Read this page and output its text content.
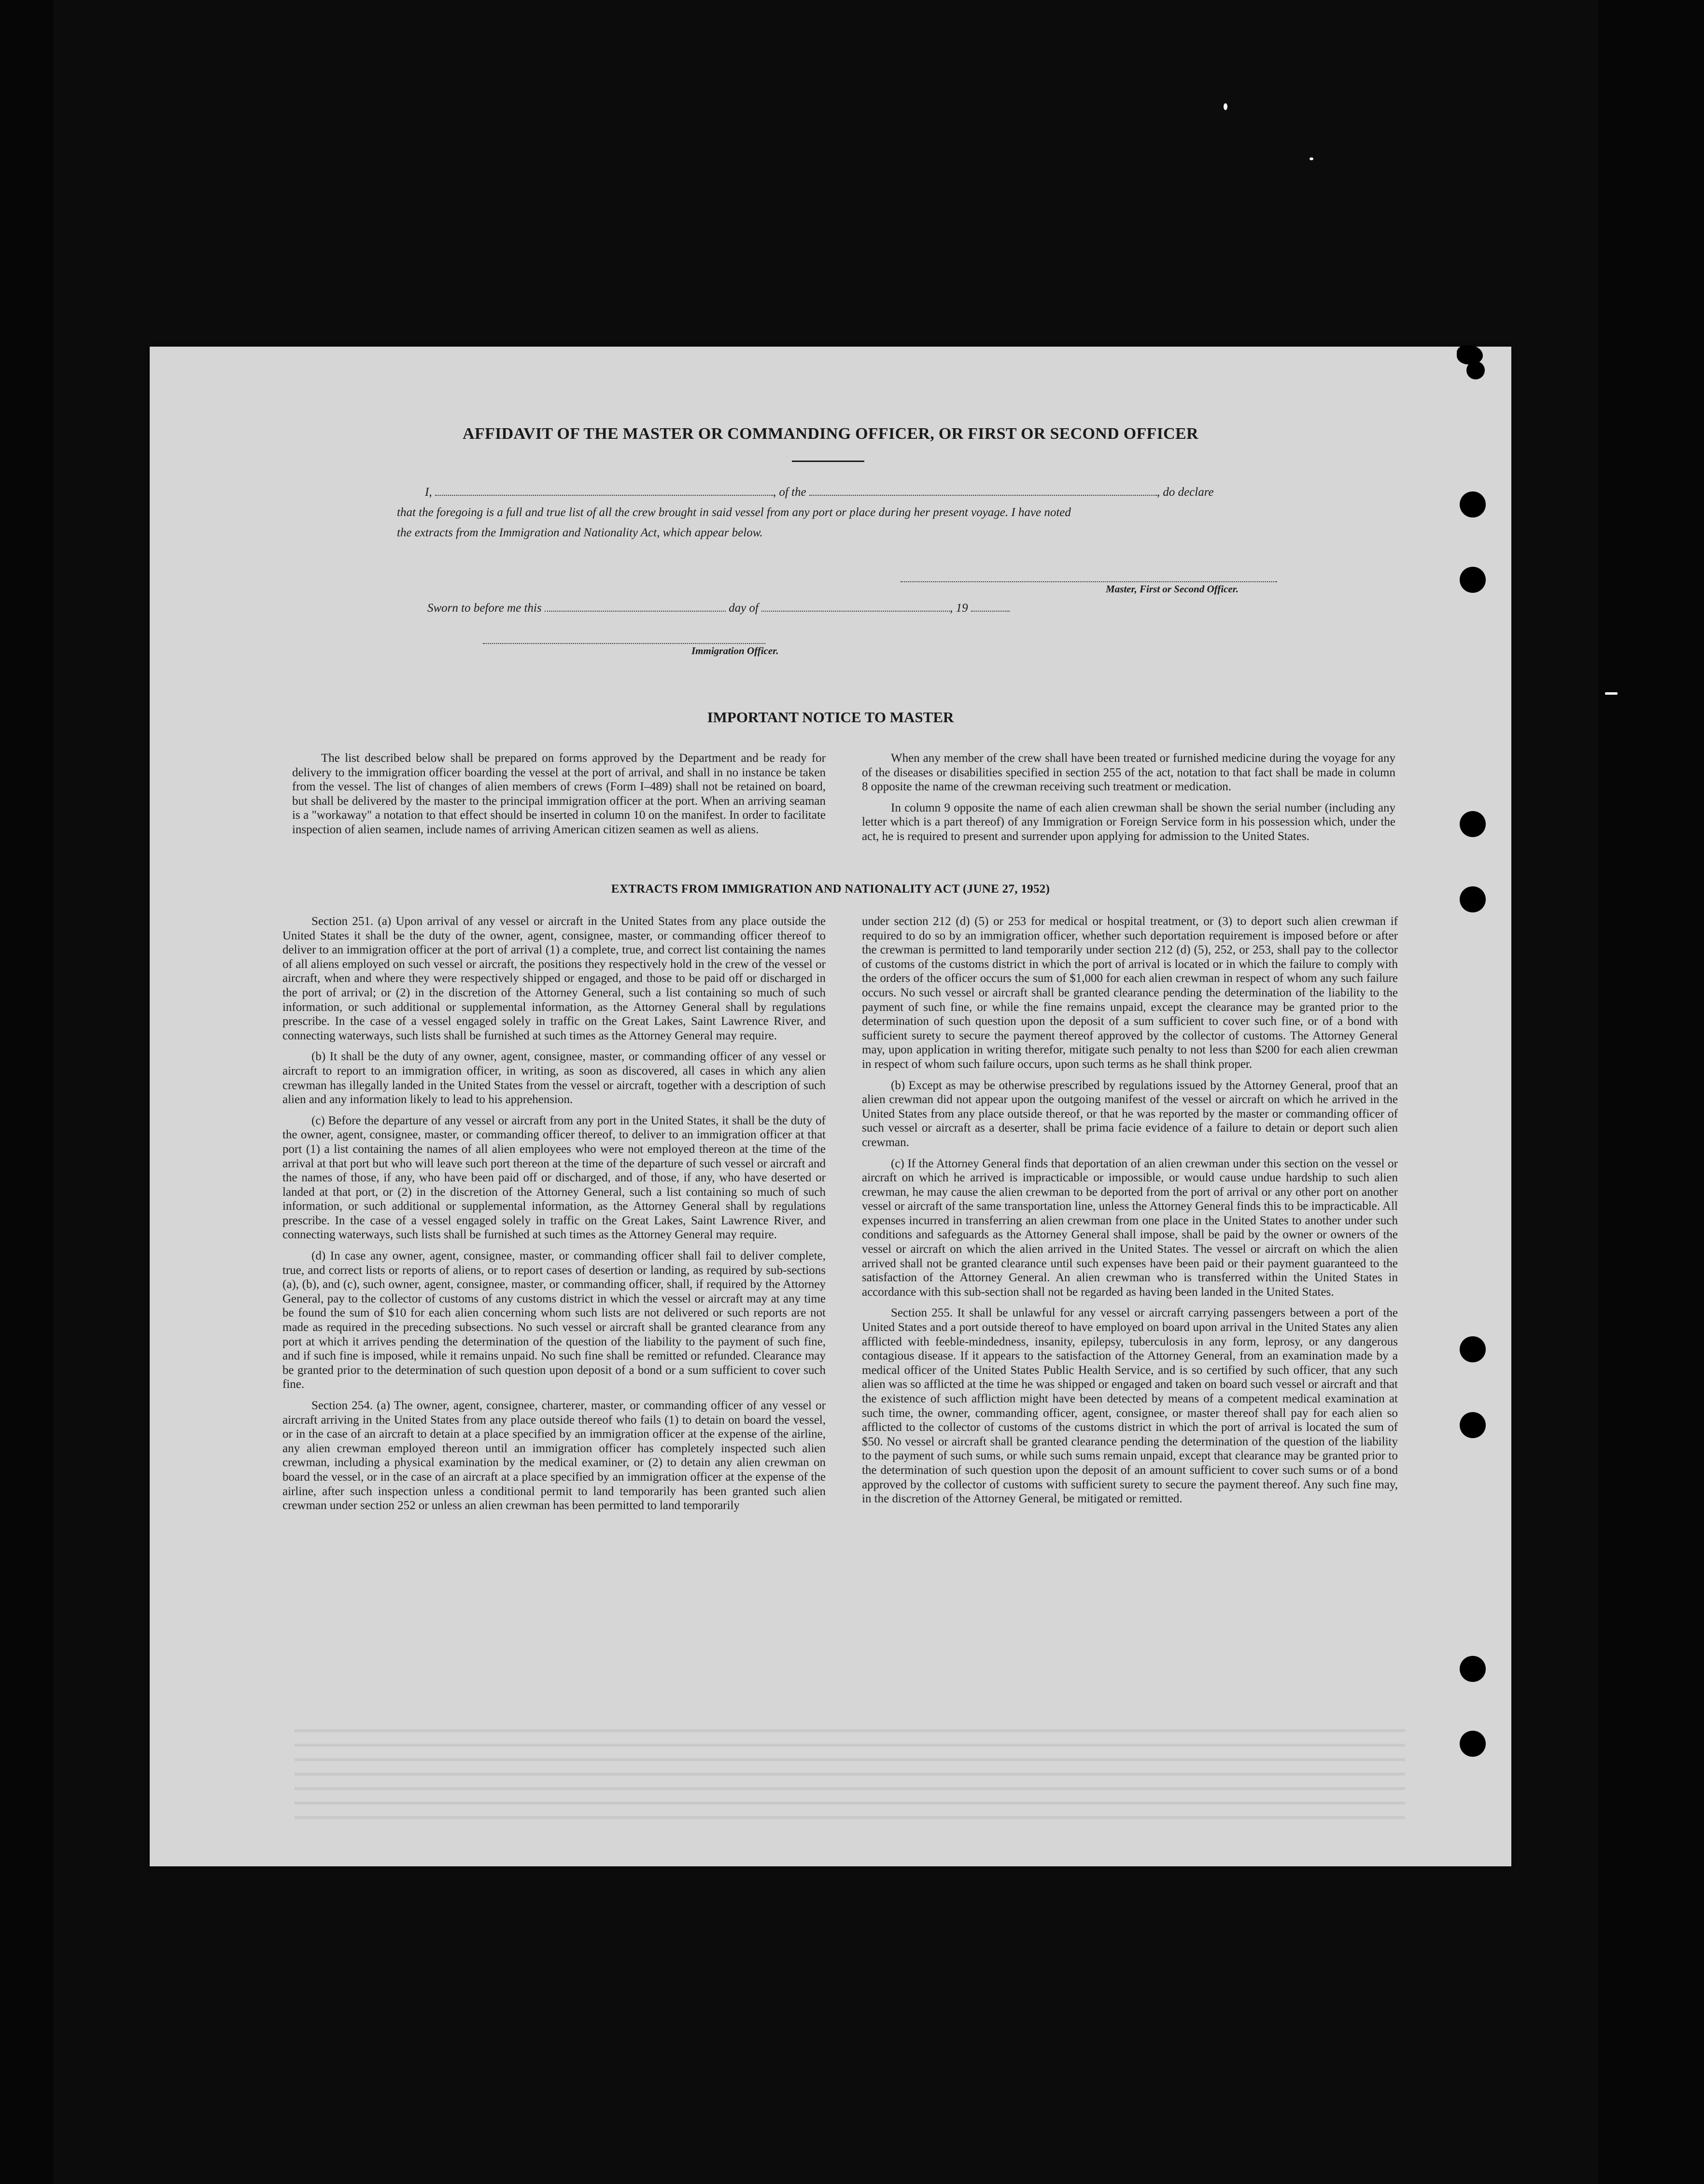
AFFIDAVIT OF THE MASTER OR COMMANDING OFFICER, OR FIRST OR SECOND OFFICER
I,	, of the	, do declare
that the foregoing is a full and true list of all the crew brought in said vessel from any port or place during her present voyage. I have noted
the extracts from the Immigration and Nationality Act, which appear below.
Master, First or Second Officer.
Sworn to before me this	day of	, 19
Immigration Officer.
IMPORTANT NOTICE TO MASTER

The list described below shall be prepared on forms approved by the Department and be ready for delivery to the immigration officer boarding the vessel at the port of arrival, and shall in no instance be taken from the vessel. The list of changes of alien members of crews (Form I–489) shall not be retained on board, but shall be delivered by the master to the principal immigration officer at the port. When an arriving seaman is a "workaway" a notation to that effect should be inserted in column 10 on the manifest. In order to facilitate inspection of alien seamen, include names of arriving American citizen seamen as well as aliens.

When any member of the crew shall have been treated or furnished medicine during the voyage for any of the diseases or disabilities specified in section 255 of the act, notation to that fact shall be made in column 8 opposite the name of the crewman receiving such treatment or medication.

In column 9 opposite the name of each alien crewman shall be shown the serial number (including any letter which is a part thereof) of any Immigration or Foreign Service form in his possession which, under the act, he is required to present and surrender upon applying for admission to the United States.

EXTRACTS FROM IMMIGRATION AND NATIONALITY ACT (JUNE 27, 1952)

Section 251. (a) Upon arrival of any vessel or aircraft in the United States from any place outside the United States it shall be the duty of the owner, agent, consignee, master, or commanding officer thereof to deliver to an immigration officer at the port of arrival (1) a complete, true, and correct list containing the names of all aliens employed on such vessel or aircraft, the positions they respectively hold in the crew of the vessel or aircraft, when and where they were respectively shipped or engaged, and those to be paid off or discharged in the port of arrival; or (2) in the discretion of the Attorney General, such a list containing so much of such information, or such additional or supplemental information, as the Attorney General shall by regulations prescribe. In the case of a vessel engaged solely in traffic on the Great Lakes, Saint Lawrence River, and connecting waterways, such lists shall be furnished at such times as the Attorney General may require.

(b) It shall be the duty of any owner, agent, consignee, master, or commanding officer of any vessel or aircraft to report to an immigration officer, in writing, as soon as discovered, all cases in which any alien crewman has illegally landed in the United States from the vessel or aircraft, together with a description of such alien and any information likely to lead to his apprehension.

(c) Before the departure of any vessel or aircraft from any port in the United States, it shall be the duty of the owner, agent, consignee, master, or commanding officer thereof, to deliver to an immigration officer at that port (1) a list containing the names of all alien employees who were not employed thereon at the time of the arrival at that port but who will leave such port thereon at the time of the departure of such vessel or aircraft and the names of those, if any, who have been paid off or discharged, and of those, if any, who have deserted or landed at that port, or (2) in the discretion of the Attorney General, such a list containing so much of such information, or such additional or supplemental information, as the Attorney General shall by regulations prescribe. In the case of a vessel engaged solely in traffic on the Great Lakes, Saint Lawrence River, and connecting waterways, such lists shall be furnished at such times as the Attorney General may require.

(d) In case any owner, agent, consignee, master, or commanding officer shall fail to deliver complete, true, and correct lists or reports of aliens, or to report cases of desertion or landing, as required by sub-sections (a), (b), and (c), such owner, agent, consignee, master, or commanding officer, shall, if required by the Attorney General, pay to the collector of customs of any customs district in which the vessel or aircraft may at any time be found the sum of $10 for each alien concerning whom such lists are not delivered or such reports are not made as required in the preceding subsections. No such vessel or aircraft shall be granted clearance from any port at which it arrives pending the determination of the question of the liability to the payment of such fine, and if such fine is imposed, while it remains unpaid. No such fine shall be remitted or refunded. Clearance may be granted prior to the determination of such question upon deposit of a bond or a sum sufficient to cover such fine.

Section 254. (a) The owner, agent, consignee, charterer, master, or commanding officer of any vessel or aircraft arriving in the United States from any place outside thereof who fails (1) to detain on board the vessel, or in the case of an aircraft to detain at a place specified by an immigration officer at the expense of the airline, any alien crewman employed thereon until an immigration officer has completely inspected such alien crewman, including a physical examination by the medical examiner, or (2) to detain any alien crewman on board the vessel, or in the case of an aircraft at a place specified by an immigration officer at the expense of the airline, after such inspection unless a conditional permit to land temporarily has been granted such alien crewman under section 252 or unless an alien crewman has been permitted to land temporarily

under section 212 (d) (5) or 253 for medical or hospital treatment, or (3) to deport such alien crewman if required to do so by an immigration officer, whether such deportation requirement is imposed before or after the crewman is permitted to land temporarily under section 212 (d) (5), 252, or 253, shall pay to the collector of customs of the customs district in which the port of arrival is located or in which the failure to comply with the orders of the officer occurs the sum of $1,000 for each alien crewman in respect of whom any such failure occurs. No such vessel or aircraft shall be granted clearance pending the determination of the liability to the payment of such fine, or while the fine remains unpaid, except the clearance may be granted prior to the determination of such question upon the deposit of a sum sufficient to cover such fine, or of a bond with sufficient surety to secure the payment thereof approved by the collector of customs. The Attorney General may, upon application in writing therefor, mitigate such penalty to not less than $200 for each alien crewman in respect of whom such failure occurs, upon such terms as he shall think proper.

(b) Except as may be otherwise prescribed by regulations issued by the Attorney General, proof that an alien crewman did not appear upon the outgoing manifest of the vessel or aircraft on which he arrived in the United States from any place outside thereof, or that he was reported by the master or commanding officer of such vessel or aircraft as a deserter, shall be prima facie evidence of a failure to detain or deport such alien crewman.

(c) If the Attorney General finds that deportation of an alien crewman under this section on the vessel or aircraft on which he arrived is impracticable or impossible, or would cause undue hardship to such alien crewman, he may cause the alien crewman to be deported from the port of arrival or any other port on another vessel or aircraft of the same transportation line, unless the Attorney General finds this to be impracticable. All expenses incurred in transferring an alien crewman from one place in the United States to another under such conditions and safeguards as the Attorney General shall impose, shall be paid by the owner or owners of the vessel or aircraft on which the alien arrived in the United States. The vessel or aircraft on which the alien arrived shall not be granted clearance until such expenses have been paid or their payment guaranteed to the satisfaction of the Attorney General. An alien crewman who is transferred within the United States in accordance with this sub-section shall not be regarded as having been landed in the United States.

Section 255. It shall be unlawful for any vessel or aircraft carrying passengers between a port of the United States and a port outside thereof to have employed on board upon arrival in the United States any alien afflicted with feeble-mindedness, insanity, epilepsy, tuberculosis in any form, leprosy, or any dangerous contagious disease. If it appears to the satisfaction of the Attorney General, from an examination made by a medical officer of the United States Public Health Service, and is so certified by such officer, that any such alien was so afflicted at the time he was shipped or engaged and taken on board such vessel or aircraft and that the existence of such affliction might have been detected by means of a competent medical examination at such time, the owner, commanding officer, agent, consignee, or master thereof shall pay for each alien so afflicted to the collector of customs of the customs district in which the port of arrival is located the sum of $50. No vessel or aircraft shall be granted clearance pending the determination of the question of the liability to the payment of such sums, or while such sums remain unpaid, except that clearance may be granted prior to the determination of such question upon the deposit of an amount sufficient to cover such sums or of a bond approved by the collector of customs with sufficient surety to secure the payment thereof. Any such fine may, in the discretion of the Attorney General, be mitigated or remitted.
